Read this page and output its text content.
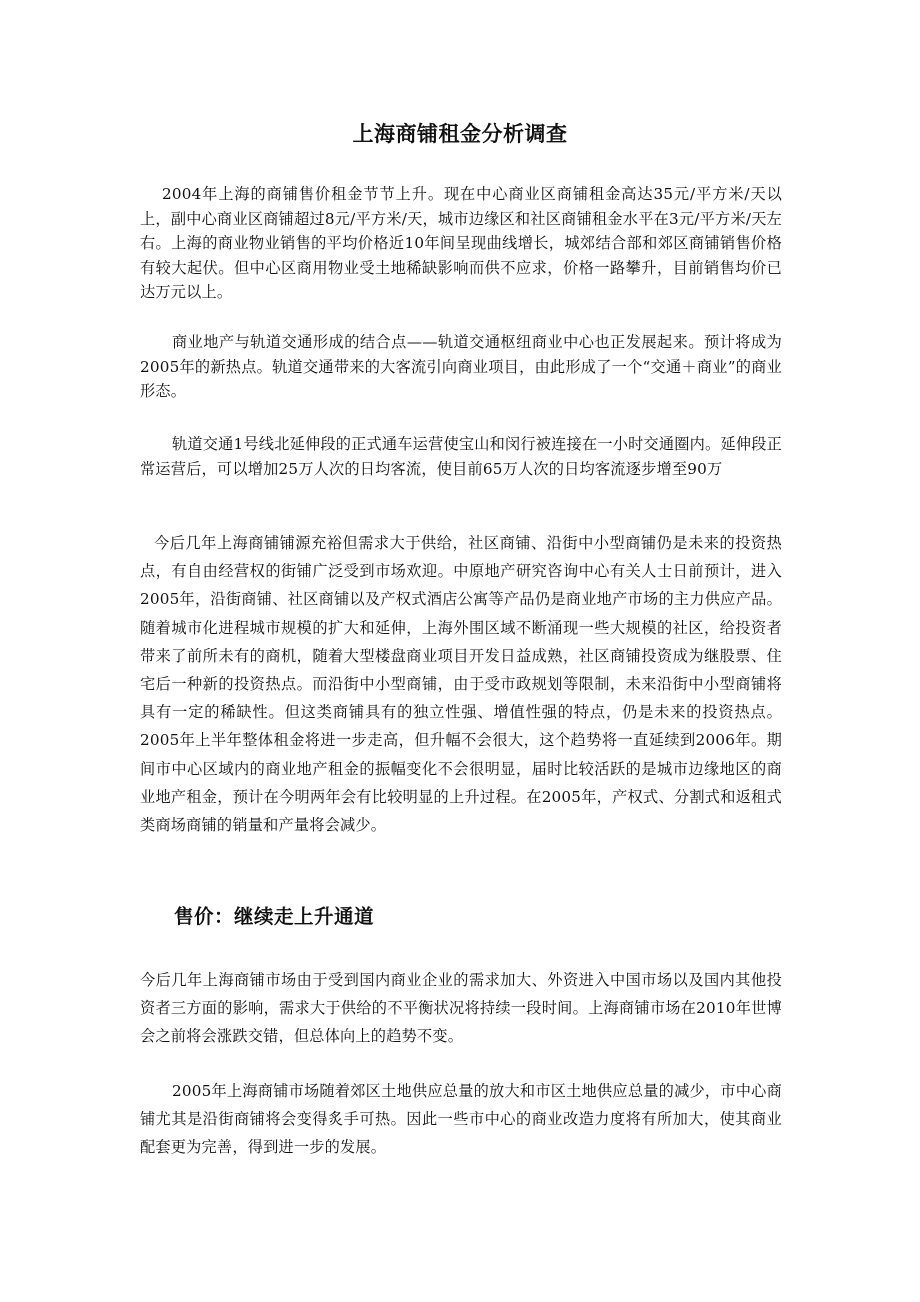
上海商铺租金分析调查

2004年上海的商铺售价租金节节上升。现在中心商业区商铺租金高达35元/平方米/天以上，副中心商业区商铺超过8元/平方米/天，城市边缘区和社区商铺租金水平在3元/平方米/天左右。上海的商业物业销售的平均价格近10年间呈现曲线增长，城郊结合部和郊区商铺销售价格有较大起伏。但中心区商用物业受土地稀缺影响而供不应求，价格一路攀升，目前销售均价已达万元以上。

商业地产与轨道交通形成的结合点——轨道交通枢纽商业中心也正发展起来。预计将成为2005年的新热点。轨道交通带来的大客流引向商业项目，由此形成了一个“交通＋商业”的商业形态。

轨道交通1号线北延伸段的正式通车运营使宝山和闵行被连接在一小时交通圈内。延伸段正常运营后，可以增加25万人次的日均客流，使目前65万人次的日均客流逐步增至90万

今后几年上海商铺铺源充裕但需求大于供给，社区商铺、沿街中小型商铺仍是未来的投资热点，有自由经营权的街铺广泛受到市场欢迎。中原地产研究咨询中心有关人士日前预计，进入2005年，沿街商铺、社区商铺以及产权式酒店公寓等产品仍是商业地产市场的主力供应产品。随着城市化进程城市规模的扩大和延伸，上海外围区域不断涌现一些大规模的社区，给投资者带来了前所未有的商机，随着大型楼盘商业项目开发日益成熟，社区商铺投资成为继股票、住宅后一种新的投资热点。而沿街中小型商铺，由于受市政规划等限制，未来沿街中小型商铺将具有一定的稀缺性。但这类商铺具有的独立性强、增值性强的特点，仍是未来的投资热点。2005年上半年整体租金将进一步走高，但升幅不会很大，这个趋势将一直延续到2006年。期间市中心区域内的商业地产租金的振幅变化不会很明显，届时比较活跃的是城市边缘地区的商业地产租金，预计在今明两年会有比较明显的上升过程。在2005年，产权式、分割式和返租式类商场商铺的销量和产量将会减少。

售价：继续走上升通道

今后几年上海商铺市场由于受到国内商业企业的需求加大、外资进入中国市场以及国内其他投资者三方面的影响，需求大于供给的不平衡状况将持续一段时间。上海商铺市场在2010年世博会之前将会涨跌交错，但总体向上的趋势不变。

2005年上海商铺市场随着郊区土地供应总量的放大和市区土地供应总量的减少，市中心商铺尤其是沿街商铺将会变得炙手可热。因此一些市中心的商业改造力度将有所加大，使其商业配套更为完善，得到进一步的发展。
